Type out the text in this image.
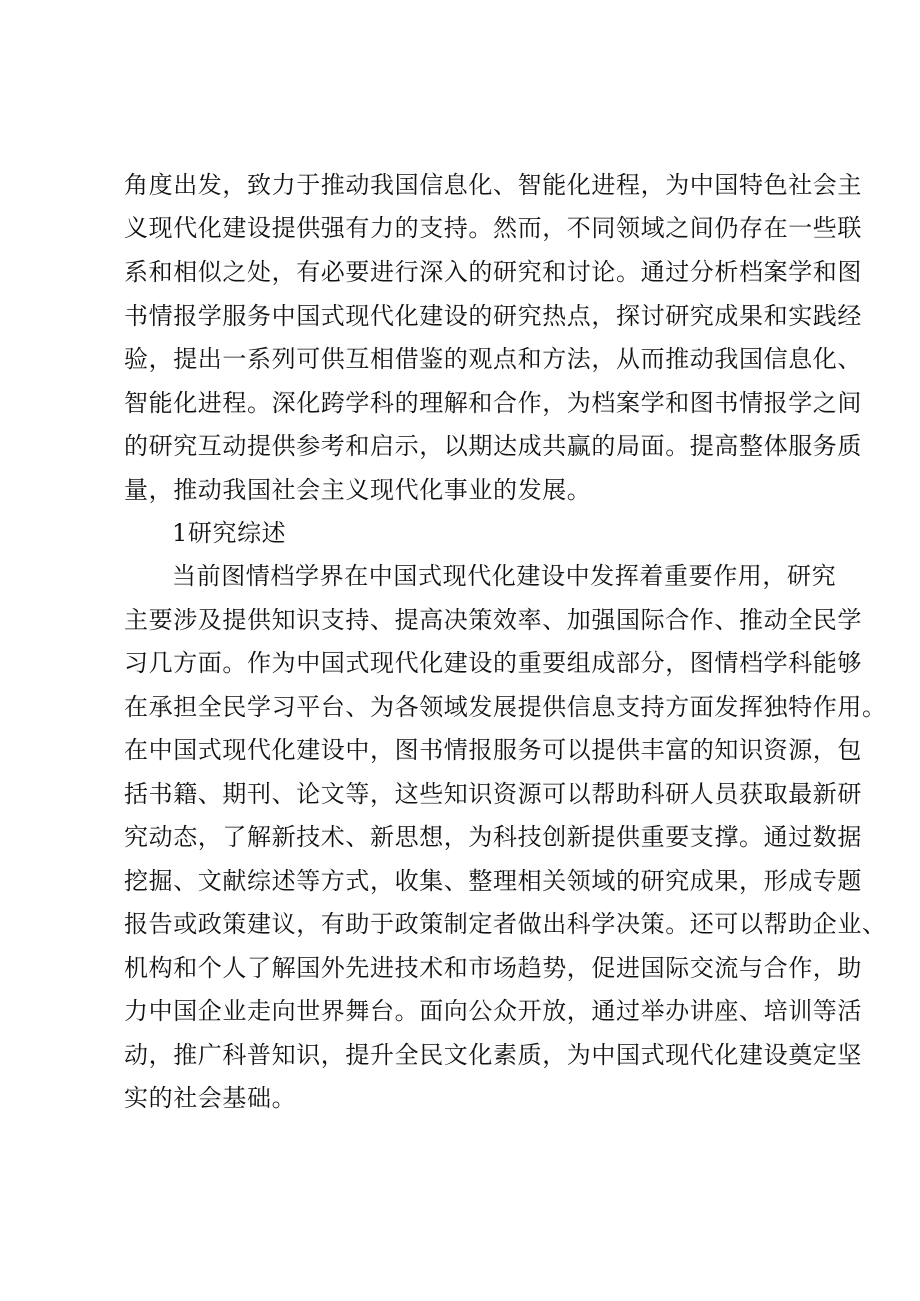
角度出发，致力于推动我国信息化、智能化进程，为中国特色社会主
义现代化建设提供强有力的支持。然而，不同领域之间仍存在一些联
系和相似之处，有必要进行深入的研究和讨论。通过分析档案学和图
书情报学服务中国式现代化建设的研究热点，探讨研究成果和实践经
验，提出一系列可供互相借鉴的观点和方法，从而推动我国信息化、
智能化进程。深化跨学科的理解和合作，为档案学和图书情报学之间
的研究互动提供参考和启示，以期达成共赢的局面。提高整体服务质
量，推动我国社会主义现代化事业的发展。
1研究综述
当前图情档学界在中国式现代化建设中发挥着重要作用，研究
主要涉及提供知识支持、提高决策效率、加强国际合作、推动全民学
习几方面。作为中国式现代化建设的重要组成部分，图情档学科能够
在承担全民学习平台、为各领域发展提供信息支持方面发挥独特作用。
在中国式现代化建设中，图书情报服务可以提供丰富的知识资源，包
括书籍、期刊、论文等，这些知识资源可以帮助科研人员获取最新研
究动态，了解新技术、新思想，为科技创新提供重要支撑。通过数据
挖掘、文献综述等方式，收集、整理相关领域的研究成果，形成专题
报告或政策建议，有助于政策制定者做出科学决策。还可以帮助企业、
机构和个人了解国外先进技术和市场趋势，促进国际交流与合作，助
力中国企业走向世界舞台。面向公众开放，通过举办讲座、培训等活
动，推广科普知识，提升全民文化素质，为中国式现代化建设奠定坚
实的社会基础。
